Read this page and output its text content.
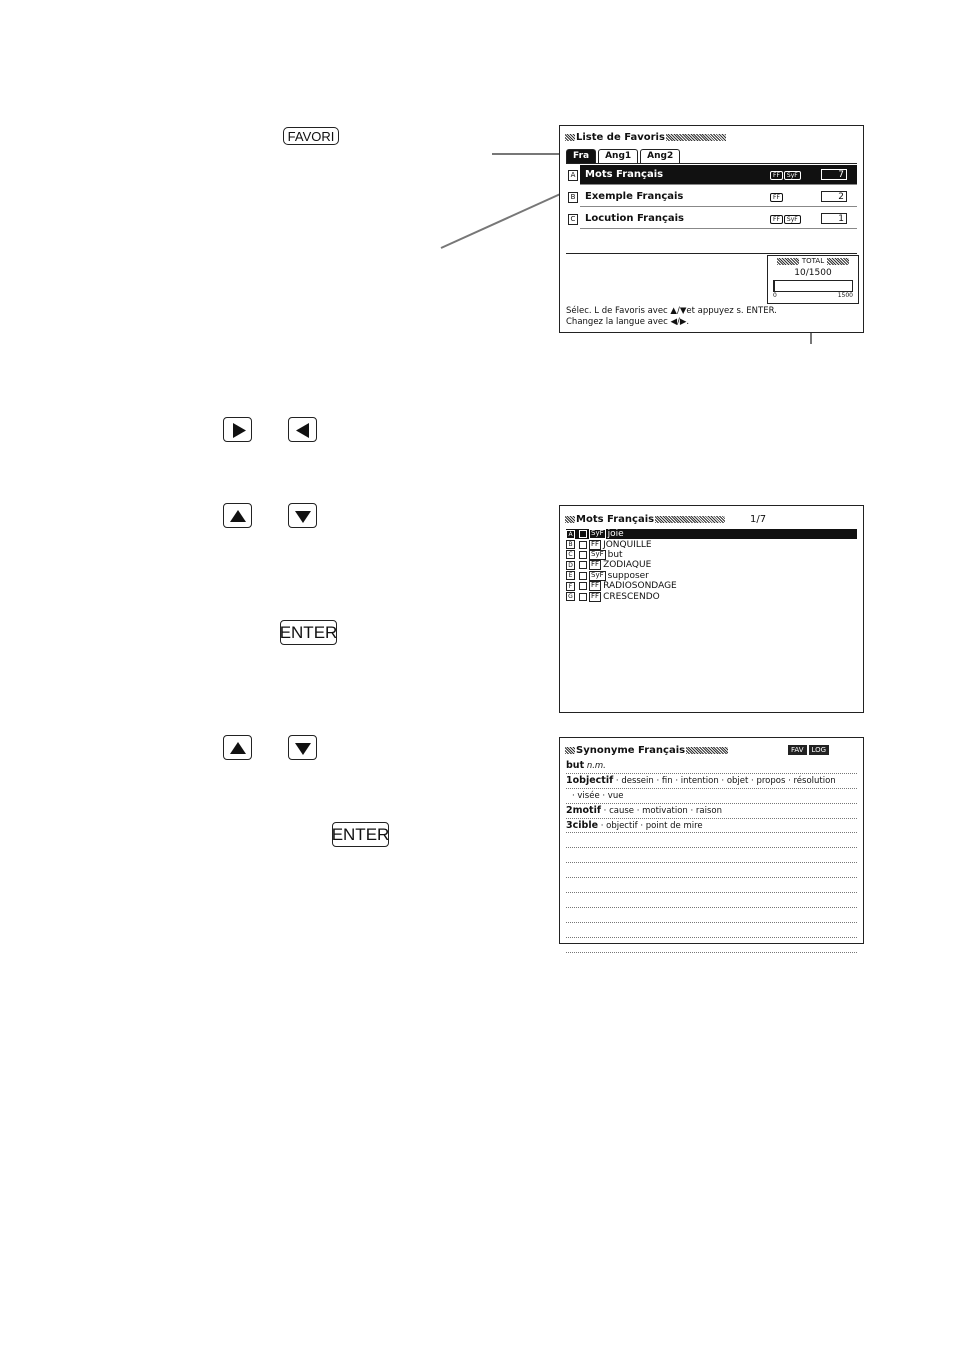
FAVORI	Liste de Favoris
Fra	Ang1	Ang2
A Mots Français	FF	SyF	7
B Exemple Français	FF	2
C Locution Français	FF	SyF	1
TOTAL
10/1500
0	1500
Sélec. L de Favoris avec ▲/▼et appuyez s. ENTER.
Changez la langue avec ◀/▶.
ENTER
Mots Français	1/7
A	SyF joie
B	FF JONQUILLE
C	SyF but
D	FF ZODIAQUE
E	SyF supposer
F	FF RADIOSONDAGE
G	FF CRESCENDO
ENTER
Synonyme Français	FAV	LOG
but n.m.
1objectif · dessein · fin · intention · objet · propos · résolution
· visée · vue
2motif · cause · motivation · raison
3cible · objectif · point de mire
